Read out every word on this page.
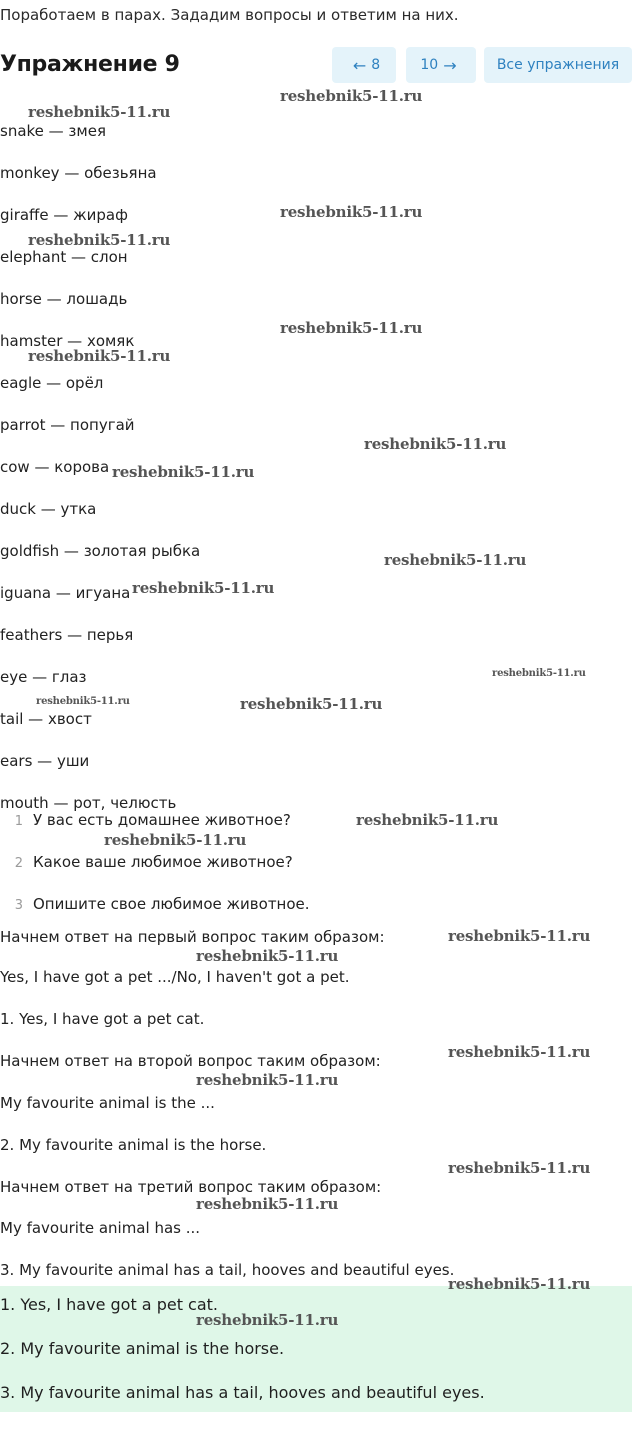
Поработаем в парах. Зададим вопросы и ответим на них.
Упражнение 9	← 8	10 →	Все упражнения
snake — змея
monkey — обезьяна
giraffe — жираф
elephant — слон
horse — лошадь
hamster — хомяк
eagle — орёл
parrot — попугай
cow — корова
duck — утка
goldfish — золотая рыбка
iguana — игуана
feathers — перья
eye — глаз
tail — хвост
ears — уши
mouth — рот, челюсть
1 У вас есть домашнее животное?
2 Какое ваше любимое животное?
3 Опишите свое любимое животное.
Начнем ответ на первый вопрос таким образом:
Yes, I have got a pet .../No, I haven't got a pet.
1. Yes, I have got a pet cat.
Начнем ответ на второй вопрос таким образом:
My favourite animal is the ...
2. My favourite animal is the horse.
Начнем ответ на третий вопрос таким образом:
My favourite animal has ...
3. My favourite animal has a tail, hooves and beautiful eyes.
1. Yes, I have got a pet cat.
2. My favourite animal is the horse.
3. My favourite animal has a tail, hooves and beautiful eyes.
reshebnik5-11.ru
reshebnik5-11.ru
reshebnik5-11.ru
reshebnik5-11.ru
reshebnik5-11.ru
reshebnik5-11.ru
reshebnik5-11.ru
reshebnik5-11.ru
reshebnik5-11.ru
reshebnik5-11.ru
reshebnik5-11.ru
reshebnik5-11.ru	reshebnik5-11.ru
reshebnik5-11.ru
reshebnik5-11.ru
reshebnik5-11.ru
reshebnik5-11.ru
reshebnik5-11.ru
reshebnik5-11.ru
reshebnik5-11.ru
reshebnik5-11.ru
reshebnik5-11.ru
reshebnik5-11.ru
